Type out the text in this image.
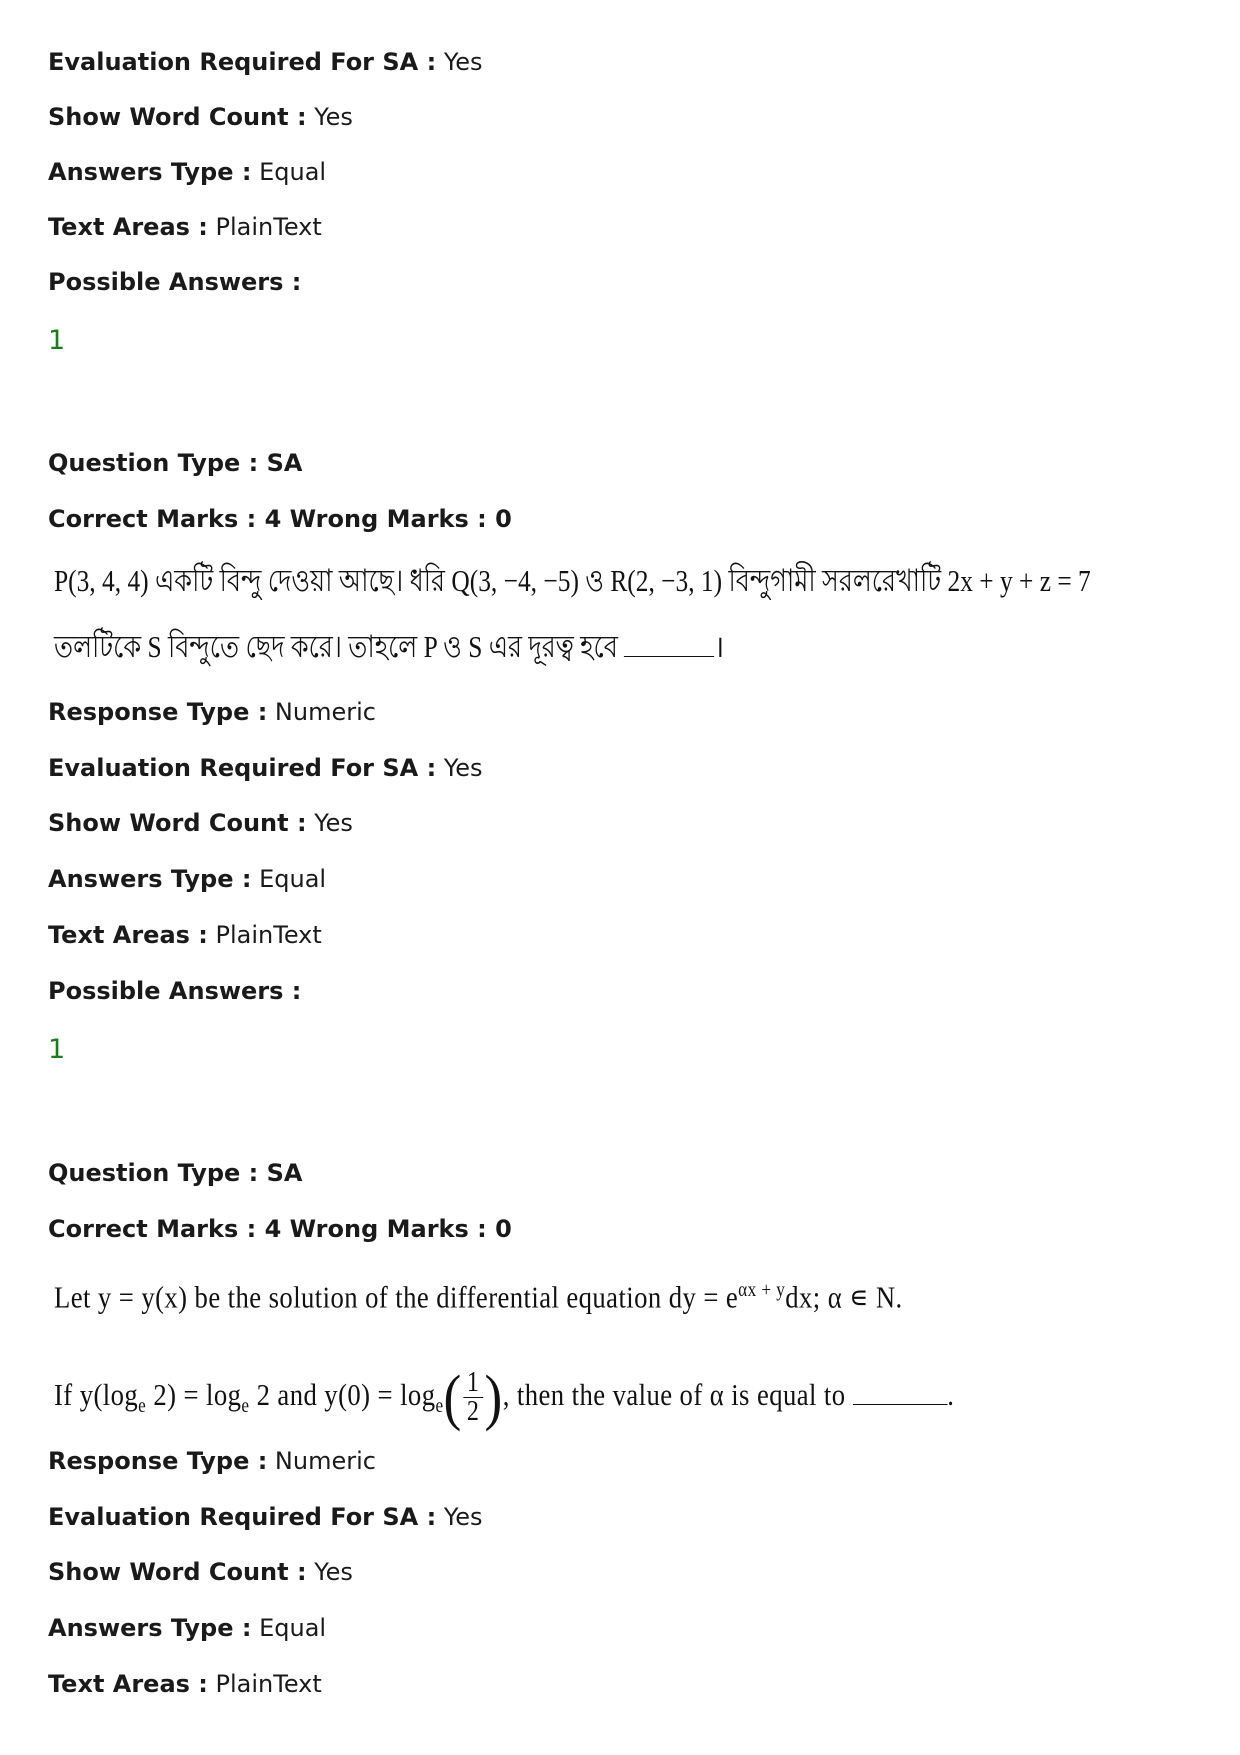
Evaluation Required For SA : Yes
Show Word Count : Yes
Answers Type : Equal
Text Areas : PlainText
Possible Answers :
1
Question Type : SA
Correct Marks : 4 Wrong Marks : 0
P(3, 4, 4) একটি বিন্দু দেওয়া আছে। ধরি Q(3, −4, −5) ও R(2, −3, 1) বিন্দুগামী সরলরেখাটি 2x + y + z = 7
তলটিকে S বিন্দুতে ছেদ করে। তাহলে P ও S এর দূরত্ব হবে	।
Response Type : Numeric
Evaluation Required For SA : Yes
Show Word Count : Yes
Answers Type : Equal
Text Areas : PlainText
Possible Answers :
1
Question Type : SA
Correct Marks : 4 Wrong Marks : 0
Let y = y(x) be the solution of the differential equation dy = $e^{\alpha x + y}dx$; α ∊ N.
If $y(\log_e$ $2) = \log_e 2$ and $y(0) = \log_e( \frac{1}{2}$ ), then the value of α is equal to	.
Response Type : Numeric
Evaluation Required For SA : Yes
Show Word Count : Yes
Answers Type : Equal
Text Areas : PlainText
